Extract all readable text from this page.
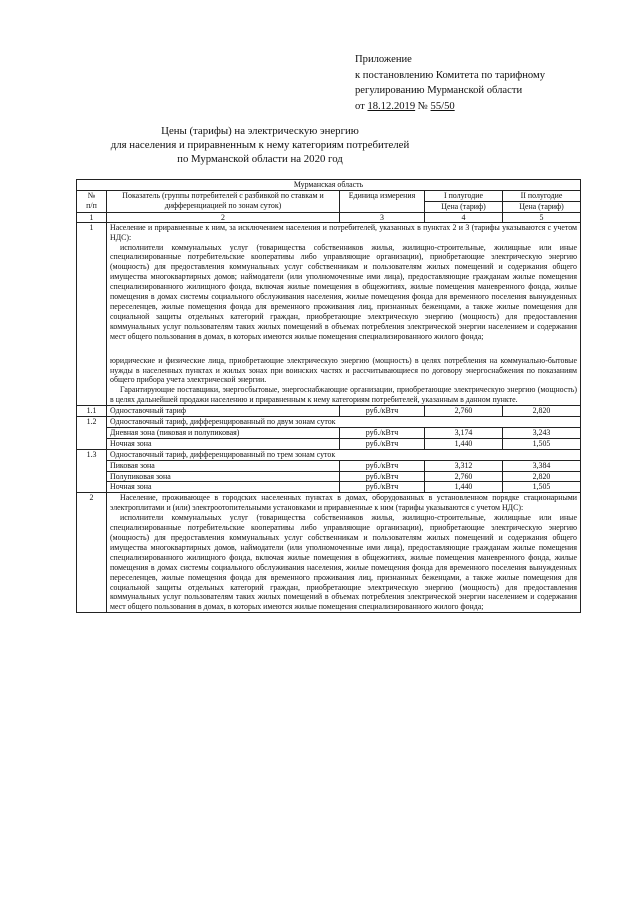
Приложение
к постановлению Комитета по тарифному
регулированию Мурманской области
от 18.12.2019 № 55/50
Цены (тарифы) на электрическую энергию
для населения и приравненным к нему категориям потребителей
по Мурманской области на 2020 год
Мурманская область				

№
п/п	Показатель (группы потребителей с разбивкой по ставкам и дифференциацией по зонам суток)	Единица измерения	I полугодие	II полугодие
			Цена (тариф)	Цена (тариф)
1	2	3	4	5
1	Население и приравненные к ним, за исключением населения и потребителей, указанных в пунктах 2 и 3 (тарифы указываются с учетом НДС):

исполнители коммунальных услуг (товарищества собственников жилья, жилищно-строительные, жилищные или иные специализированные потребительские кооперативы либо управляющие организации), приобретающие электрическую энергию (мощность) для предоставления коммунальных услуг собственникам и пользователям жилых помещений и содержания общего имущества многоквартирных домов; наймодатели (или уполномоченные ими лица), предоставляющие гражданам жилые помещения специализированного жилищного фонда, включая жилые помещения в общежитиях, жилые помещения маневренного фонда, жилые помещения в домах системы социального обслуживания населения, жилые помещения фонда для временного поселения вынужденных переселенцев, жилые помещения фонда для временного проживания лиц, признанных беженцами, а также жилые помещения для социальной защиты отдельных категорий граждан, приобретающие электрическую энергию (мощность) для предоставления коммунальных услуг пользователям таких жилых помещений в объемах потребления электрической энергии населением и содержания мест общего пользования в домах, в которых имеются жилые помещения специализированного жилого фонда;

юридические и физические лица, приобретающие электрическую энергию (мощность) в целях потребления на коммунально-бытовые нужды в населенных пунктах и жилых зонах при воинских частях и рассчитывающиеся по договору энергоснабжения по показаниям общего прибора учета электрической энергии.

Гарантирующие поставщики, энергосбытовые, энергоснабжающие организации, приобретающие электрическую энергию (мощность) в целях дальнейшей продажи населению и приравненным к нему категориям потребителей, указанным в данном пункте.			

1.1	Одноставочный тариф	руб./кВтч	2,760	2,820
1.2	Одноставочный тариф, дифференцированный по двум зонам суток			
	Дневная зона (пиковая и полупиковая)	руб./кВтч	3,174	3,243
	Ночная зона	руб./кВтч	1,440	1,505
1.3	Одноставочный тариф, дифференцированный по трем зонам суток			
	Пиковая зона	руб./кВтч	3,312	3,384
	Полупиковая зона	руб./кВтч	2,760	2,820
	Ночная зона	руб./кВтч	1,440	1,505
2	Население, проживающее в городских населенных пунктах в домах, оборудованных в установленном порядке стационарными электроплитами и (или) электроотопительными установками и приравненные к ним (тарифы указываются с учетом НДС):

исполнители коммунальных услуг (товарищества собственников жилья, жилищно-строительные, жилищные или иные специализированные потребительские кооперативы либо управляющие организации), приобретающие электрическую энергию (мощность) для предоставления коммунальных услуг собственникам и пользователям жилых помещений и содержания общего имущества многоквартирных домов, наймодатели (или уполномоченные ими лица), предоставляющие гражданам жилые помещения специализированного жилищного фонда, включая жилые помещения в общежитиях, жилые помещения маневренного фонда, жилые помещения в домах системы социального обслуживания населения, жилые помещения фонда для временного поселения вынужденных переселенцев, жилые помещения фонда для временного проживания лиц, признанных беженцами, а также жилые помещения для социальной защиты отдельных категорий граждан, приобретающие электрическую энергию (мощность) для предоставления коммунальных услуг пользователям таких жилых помещений в объемах потребления электрической энергии населением и содержания мест общего пользования в домах, в которых имеются жилые помещения специализированного жилого фонда;			
